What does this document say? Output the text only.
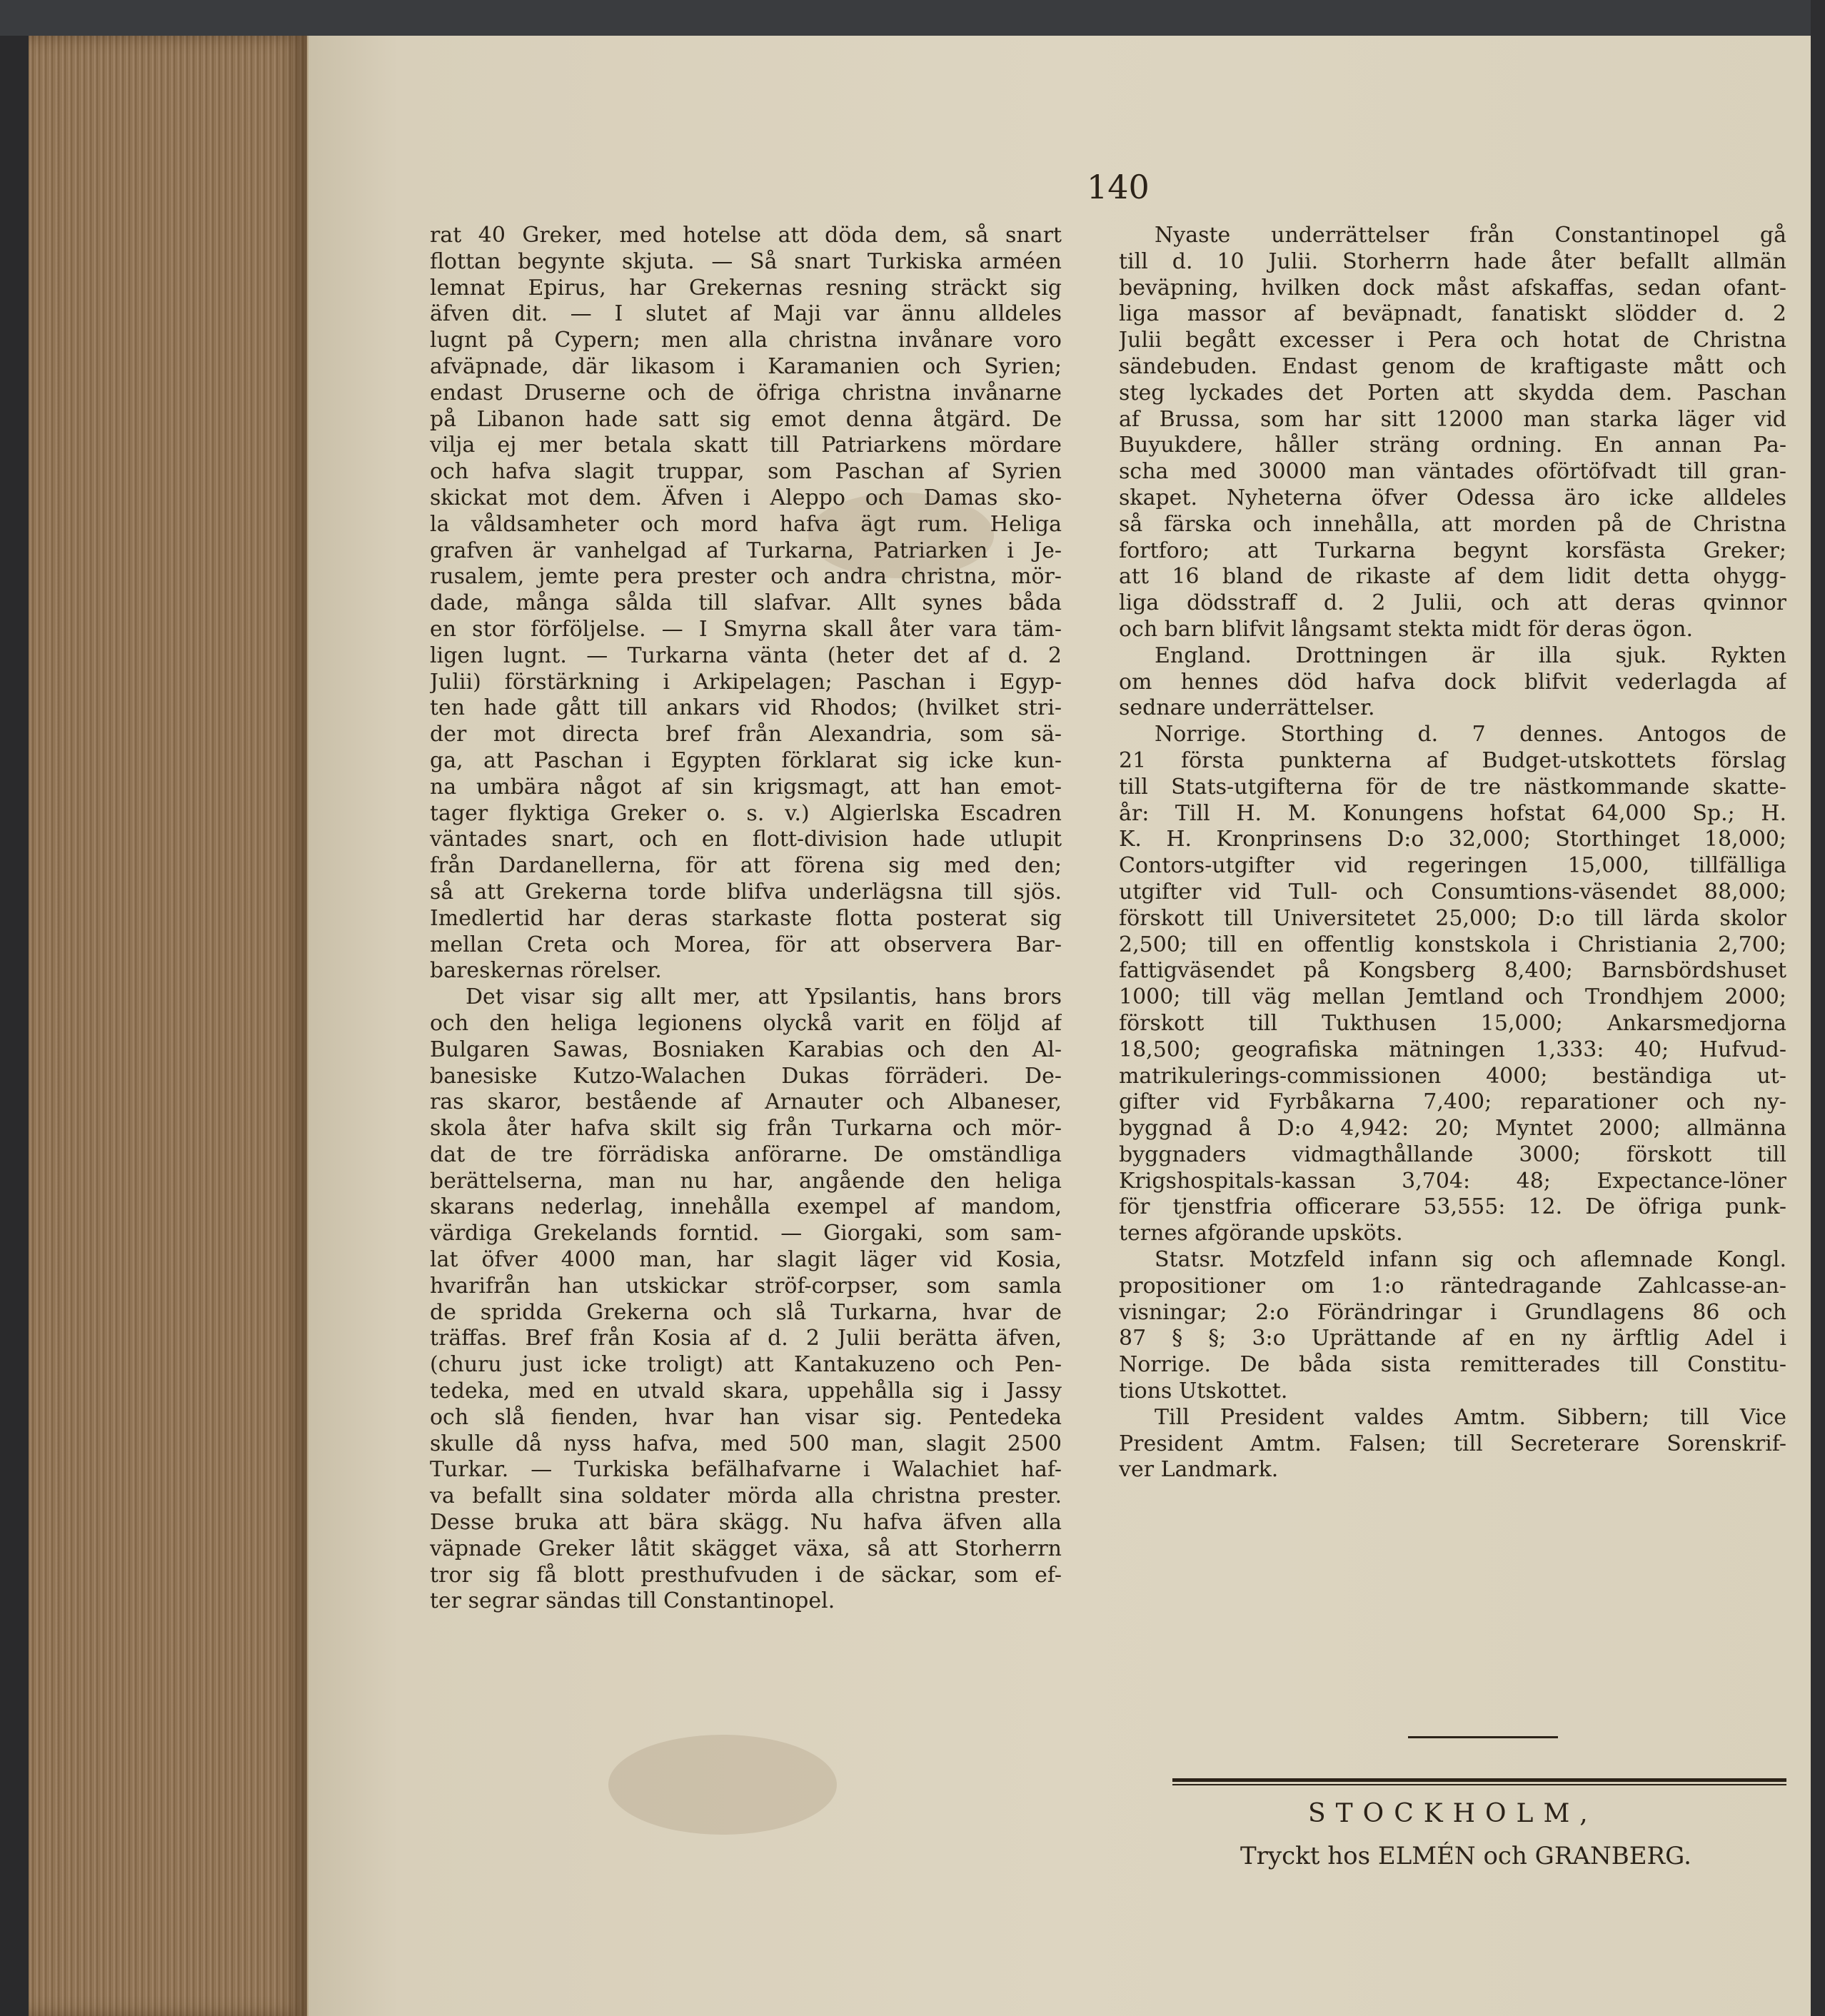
140
rat 40 Greker, med hotelse att döda dem, så snart
flottan begynte skjuta. — Så snart Turkiska arméen
lemnat Epirus, har Grekernas resning sträckt sig
äfven dit. — I slutet af Maji var ännu alldeles
lugnt på Cypern; men alla christna invånare voro
afväpnade, där likasom i Karamanien och Syrien;
endast Druserne och de öfriga christna invånarne
på Libanon hade satt sig emot denna åtgärd. De
vilja ej mer betala skatt till Patriarkens mördare
och hafva slagit truppar, som Paschan af Syrien
skickat mot dem. Äfven i Aleppo och Damas sko-
la våldsamheter och mord hafva ägt rum. Heliga
grafven är vanhelgad af Turkarna, Patriarken i Je-
rusalem, jemte pera prester och andra christna, mör-
dade, många sålda till slafvar. Allt synes båda
en stor förföljelse. — I Smyrna skall åter vara täm-
ligen lugnt. — Turkarna vänta (heter det af d. 2
Julii) förstärkning i Arkipelagen; Paschan i Egyp-
ten hade gått till ankars vid Rhodos; (hvilket stri-
der mot directa bref från Alexandria, som sä-
ga, att Paschan i Egypten förklarat sig icke kun-
na umbära något af sin krigsmagt, att han emot-
tager flyktiga Greker o. s. v.) Algierlska Escadren
väntades snart, och en flott-division hade utlupit
från Dardanellerna, för att förena sig med den;
så att Grekerna torde blifva underlägsna till sjös.
Imedlertid har deras starkaste flotta posterat sig
mellan Creta och Morea, för att observera Bar-
bareskernas rörelser.
Det visar sig allt mer, att Ypsilantis, hans brors
och den heliga legionens olyckå varit en följd af
Bulgaren Sawas, Bosniaken Karabias och den Al-
banesiske Kutzo-Walachen Dukas förräderi. De-
ras skaror, bestående af Arnauter och Albaneser,
skola åter hafva skilt sig från Turkarna och mör-
dat de tre förrädiska anförarne. De omständliga
berättelserna, man nu har, angående den heliga
skarans nederlag, innehålla exempel af mandom,
värdiga Grekelands forntid. — Giorgaki, som sam-
lat öfver 4000 man, har slagit läger vid Kosia,
hvarifrån han utskickar ströf-corpser, som samla
de spridda Grekerna och slå Turkarna, hvar de
träffas. Bref från Kosia af d. 2 Julii berätta äfven,
(churu just icke troligt) att Kantakuzeno och Pen-
tedeka, med en utvald skara, uppehålla sig i Jassy
och slå fienden, hvar han visar sig. Pentedeka
skulle då nyss hafva, med 500 man, slagit 2500
Turkar. — Turkiska befälhafvarne i Walachiet haf-
va befallt sina soldater mörda alla christna prester.
Desse bruka att bära skägg. Nu hafva äfven alla
väpnade Greker låtit skägget växa, så att Storherrn
tror sig få blott presthufvuden i de säckar, som ef-
ter segrar sändas till Constantinopel.
Nyaste underrättelser från Constantinopel gå
till d. 10 Julii. Storherrn hade åter befallt allmän
beväpning, hvilken dock måst afskaffas, sedan ofant-
liga massor af beväpnadt, fanatiskt slödder d. 2
Julii begått excesser i Pera och hotat de Christna
sändebuden. Endast genom de kraftigaste mått och
steg lyckades det Porten att skydda dem. Paschan
af Brussa, som har sitt 12000 man starka läger vid
Buyukdere, håller sträng ordning. En annan Pa-
scha med 30000 man väntades oförtöfvadt till gran-
skapet. Nyheterna öfver Odessa äro icke alldeles
så färska och innehålla, att morden på de Christna
fortforo; att Turkarna begynt korsfästa Greker;
att 16 bland de rikaste af dem lidit detta ohygg-
liga dödsstraff d. 2 Julii, och att deras qvinnor
och barn blifvit långsamt stekta midt för deras ögon.
England. Drottningen är illa sjuk. Rykten
om hennes död hafva dock blifvit vederlagda af
sednare underrättelser.
Norrige. Storthing d. 7 dennes. Antogos de
21 första punkterna af Budget-utskottets förslag
till Stats-utgifterna för de tre nästkommande skatte-
år: Till H. M. Konungens hofstat 64,000 Sp.; H.
K. H. Kronprinsens D:o 32,000; Storthinget 18,000;
Contors-utgifter vid regeringen 15,000, tillfälliga
utgifter vid Tull- och Consumtions-väsendet 88,000;
förskott till Universitetet 25,000; D:o till lärda skolor
2,500; till en offentlig konstskola i Christiania 2,700;
fattigväsendet på Kongsberg 8,400; Barnsbördshuset
1000; till väg mellan Jemtland och Trondhjem 2000;
förskott till Tukthusen 15,000; Ankarsmedjorna
18,500; geografiska mätningen 1,333: 40; Hufvud-
matrikulerings-commissionen 4000; beständiga ut-
gifter vid Fyrbåkarna 7,400; reparationer och ny-
byggnad å D:o 4,942: 20; Myntet 2000; allmänna
byggnaders vidmagthållande 3000; förskott till
Krigshospitals-kassan 3,704: 48; Expectance-löner
för tjenstfria officerare 53,555: 12. De öfriga punk-
ternes afgörande upsköts.
Statsr. Motzfeld infann sig och aflemnade Kongl.
propositioner om 1:o räntedragande Zahlcasse-an-
visningar; 2:o Förändringar i Grundlagens 86 och
87 § §; 3:o Uprättande af en ny ärftlig Adel i
Norrige. De båda sista remitterades till Constitu-
tions Utskottet.
Till President valdes Amtm. Sibbern; till Vice
President Amtm. Falsen; till Secreterare Sorenskrif-
ver Landmark.
STOCKHOLM,
Tryckt hos ELMÉN och GRANBERG.
